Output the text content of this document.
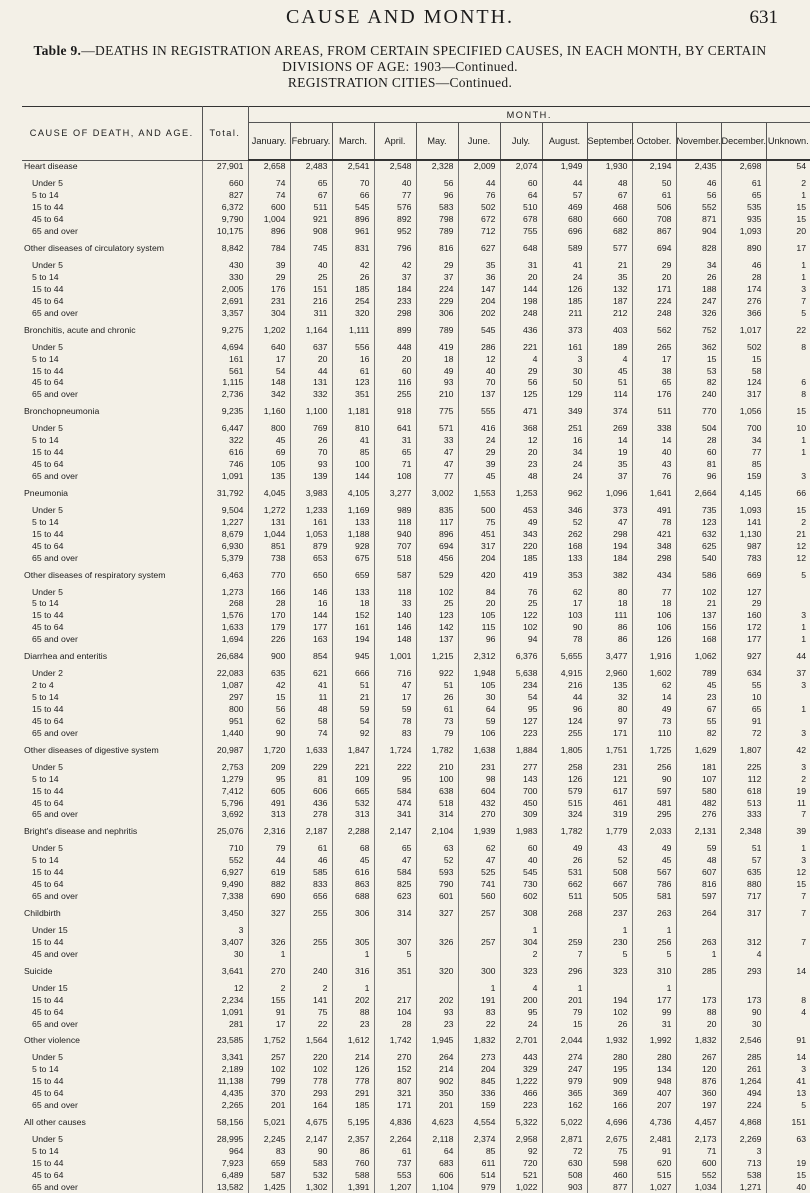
CAUSE AND MONTH.	631
Table 9.—DEATHS IN REGISTRATION AREAS, FROM CERTAIN SPECIFIED CAUSES, IN EACH MONTH, BY CERTAIN
DIVISIONS OF AGE: 1903—Continued.
REGISTRATION CITIES—Continued.
CAUSE OF DEATH, AND AGE.	Total.	MONTH.												
		January.	February.	March.	April.	May.	June.	July.	August.	September.	October.	November.	December.	Unknown.
Heart disease	27,901	2,658	2,483	2,541	2,548	2,328	2,009	2,074	1,949	1,930	2,194	2,435	2,698	54

Under 5	660	74	65	70	40	56	44	60	44	48	50	46	61	2
5 to 14	827	74	67	66	77	96	76	64	57	67	61	56	65	1
15 to 44	6,372	600	511	545	576	583	502	510	469	468	506	552	535	15
45 to 64	9,790	1,004	921	896	892	798	672	678	680	660	708	871	935	15
65 and over	10,175	896	908	961	952	789	712	755	696	682	867	904	1,093	20

Other diseases of circulatory system	8,842	784	745	831	796	816	627	648	589	577	694	828	890	17

Under 5	430	39	40	42	42	29	35	31	41	21	29	34	46	1
5 to 14	330	29	25	26	37	37	36	20	24	35	20	26	28	1
15 to 44	2,005	176	151	185	184	224	147	144	126	132	171	188	174	3
45 to 64	2,691	231	216	254	233	229	204	198	185	187	224	247	276	7
65 and over	3,357	304	311	320	298	306	202	248	211	212	248	326	366	5

Bronchitis, acute and chronic	9,275	1,202	1,164	1,111	899	789	545	436	373	403	562	752	1,017	22

Under 5	4,694	640	637	556	448	419	286	221	161	189	265	362	502	8
5 to 14	161	17	20	16	20	18	12	4	3	4	17	15	15	
15 to 44	561	54	44	61	60	49	40	29	30	45	38	53	58	
45 to 64	1,115	148	131	123	116	93	70	56	50	51	65	82	124	6
65 and over	2,736	342	332	351	255	210	137	125	129	114	176	240	317	8

Bronchopneumonia	9,235	1,160	1,100	1,181	918	775	555	471	349	374	511	770	1,056	15

Under 5	6,447	800	769	810	641	571	416	368	251	269	338	504	700	10
5 to 14	322	45	26	41	31	33	24	12	16	14	14	28	34	1
15 to 44	616	69	70	85	65	47	29	20	34	19	40	60	77	1
45 to 64	746	105	93	100	71	47	39	23	24	35	43	81	85	
65 and over	1,091	135	139	144	108	77	45	48	24	37	76	96	159	3

Pneumonia	31,792	4,045	3,983	4,105	3,277	3,002	1,553	1,253	962	1,096	1,641	2,664	4,145	66

Under 5	9,504	1,272	1,233	1,169	989	835	500	453	346	373	491	735	1,093	15
5 to 14	1,227	131	161	133	118	117	75	49	52	47	78	123	141	2
15 to 44	8,679	1,044	1,053	1,188	940	896	451	343	262	298	421	632	1,130	21
45 to 64	6,930	851	879	928	707	694	317	220	168	194	348	625	987	12
65 and over	5,379	738	653	675	518	456	204	185	133	184	298	540	783	12

Other diseases of respiratory system	6,463	770	650	659	587	529	420	419	353	382	434	586	669	5

Under 5	1,273	166	146	133	118	102	84	76	62	80	77	102	127	
5 to 14	268	28	16	18	33	25	20	25	17	18	18	21	29	
15 to 44	1,576	170	144	152	140	123	105	122	103	111	106	137	160	3
45 to 64	1,633	179	177	161	146	142	115	102	90	86	106	156	172	1
65 and over	1,694	226	163	194	148	137	96	94	78	86	126	168	177	1

Diarrhea and enteritis	26,684	900	854	945	1,001	1,215	2,312	6,376	5,655	3,477	1,916	1,062	927	44

Under 2	22,083	635	621	666	716	922	1,948	5,638	4,915	2,960	1,602	789	634	37
2 to 4	1,087	42	41	51	47	51	105	234	216	135	62	45	55	3
5 to 14	297	15	11	21	17	26	30	54	44	32	14	23	10	
15 to 44	800	56	48	59	59	61	64	95	96	80	49	67	65	1
45 to 64	951	62	58	54	78	73	59	127	124	97	73	55	91	
65 and over	1,440	90	74	92	83	79	106	223	255	171	110	82	72	3

Other diseases of digestive system	20,987	1,720	1,633	1,847	1,724	1,782	1,638	1,884	1,805	1,751	1,725	1,629	1,807	42

Under 5	2,753	209	229	221	222	210	231	277	258	231	256	181	225	3
5 to 14	1,279	95	81	109	95	100	98	143	126	121	90	107	112	2
15 to 44	7,412	605	606	665	584	638	604	700	579	617	597	580	618	19
45 to 64	5,796	491	436	532	474	518	432	450	515	461	481	482	513	11
65 and over	3,692	313	278	313	341	314	270	309	324	319	295	276	333	7

Bright's disease and nephritis	25,076	2,316	2,187	2,288	2,147	2,104	1,939	1,983	1,782	1,779	2,033	2,131	2,348	39

Under 5	710	79	61	68	65	63	62	60	49	43	49	59	51	1
5 to 14	552	44	46	45	47	52	47	40	26	52	45	48	57	3
15 to 44	6,927	619	585	616	584	593	525	545	531	508	567	607	635	12
45 to 64	9,490	882	833	863	825	790	741	730	662	667	786	816	880	15
65 and over	7,338	690	656	688	623	601	560	602	511	505	581	597	717	7

Childbirth	3,450	327	255	306	314	327	257	308	268	237	263	264	317	7

Under 15	3							1		1	1			
15 to 44	3,407	326	255	305	307	326	257	304	259	230	256	263	312	7
45 and over	30	1		1	5			2	7	5	5	1	4	

Suicide	3,641	270	240	316	351	320	300	323	296	323	310	285	293	14

Under 15	12	2	2	1			1	4	1		1			
15 to 44	2,234	155	141	202	217	202	191	200	201	194	177	173	173	8
45 to 64	1,091	91	75	88	104	93	83	95	79	102	99	88	90	4
65 and over	281	17	22	23	28	23	22	24	15	26	31	20	30	

Other violence	23,585	1,752	1,564	1,612	1,742	1,945	1,832	2,701	2,044	1,932	1,992	1,832	2,546	91

Under 5	3,341	257	220	214	270	264	273	443	274	280	280	267	285	14
5 to 14	2,189	102	102	126	152	214	204	329	247	195	134	120	261	3
15 to 44	11,138	799	778	778	807	902	845	1,222	979	909	948	876	1,264	41
45 to 64	4,435	370	293	291	321	350	336	466	365	369	407	360	494	13
65 and over	2,265	201	164	185	171	201	159	223	162	166	207	197	224	5

All other causes	58,156	5,021	4,675	5,195	4,836	4,623	4,554	5,322	5,022	4,696	4,736	4,457	4,868	151

Under 5	28,995	2,245	2,147	2,357	2,264	2,118	2,374	2,958	2,871	2,675	2,481	2,173	2,269	63
5 to 14	964	83	90	86	61	64	85	92	72	75	91	71	3	
15 to 44	7,923	659	583	760	737	683	611	720	630	598	620	600	713	19
45 to 64	6,489	587	532	588	553	606	514	521	508	460	515	552	538	15
65 and over	13,582	1,425	1,302	1,391	1,207	1,104	979	1,022	903	877	1,027	1,034	1,271	40
